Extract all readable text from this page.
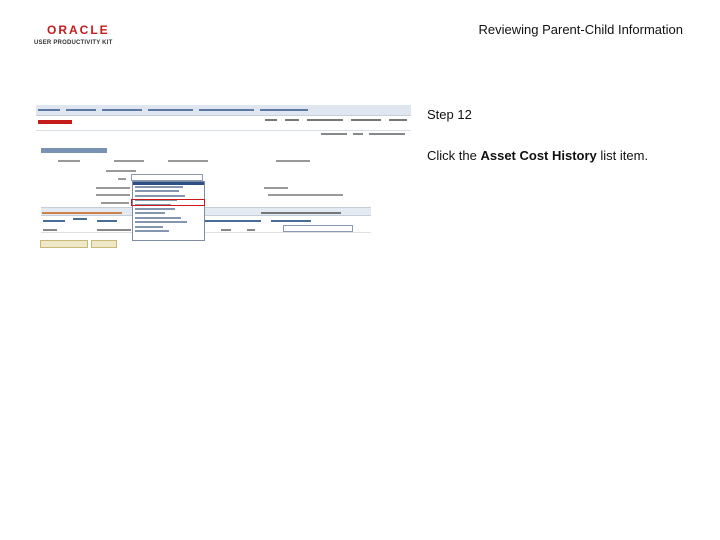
ORACLE
USER PRODUCTIVITY KIT
Reviewing Parent-Child Information
Step 12
Click the Asset Cost History list item.
